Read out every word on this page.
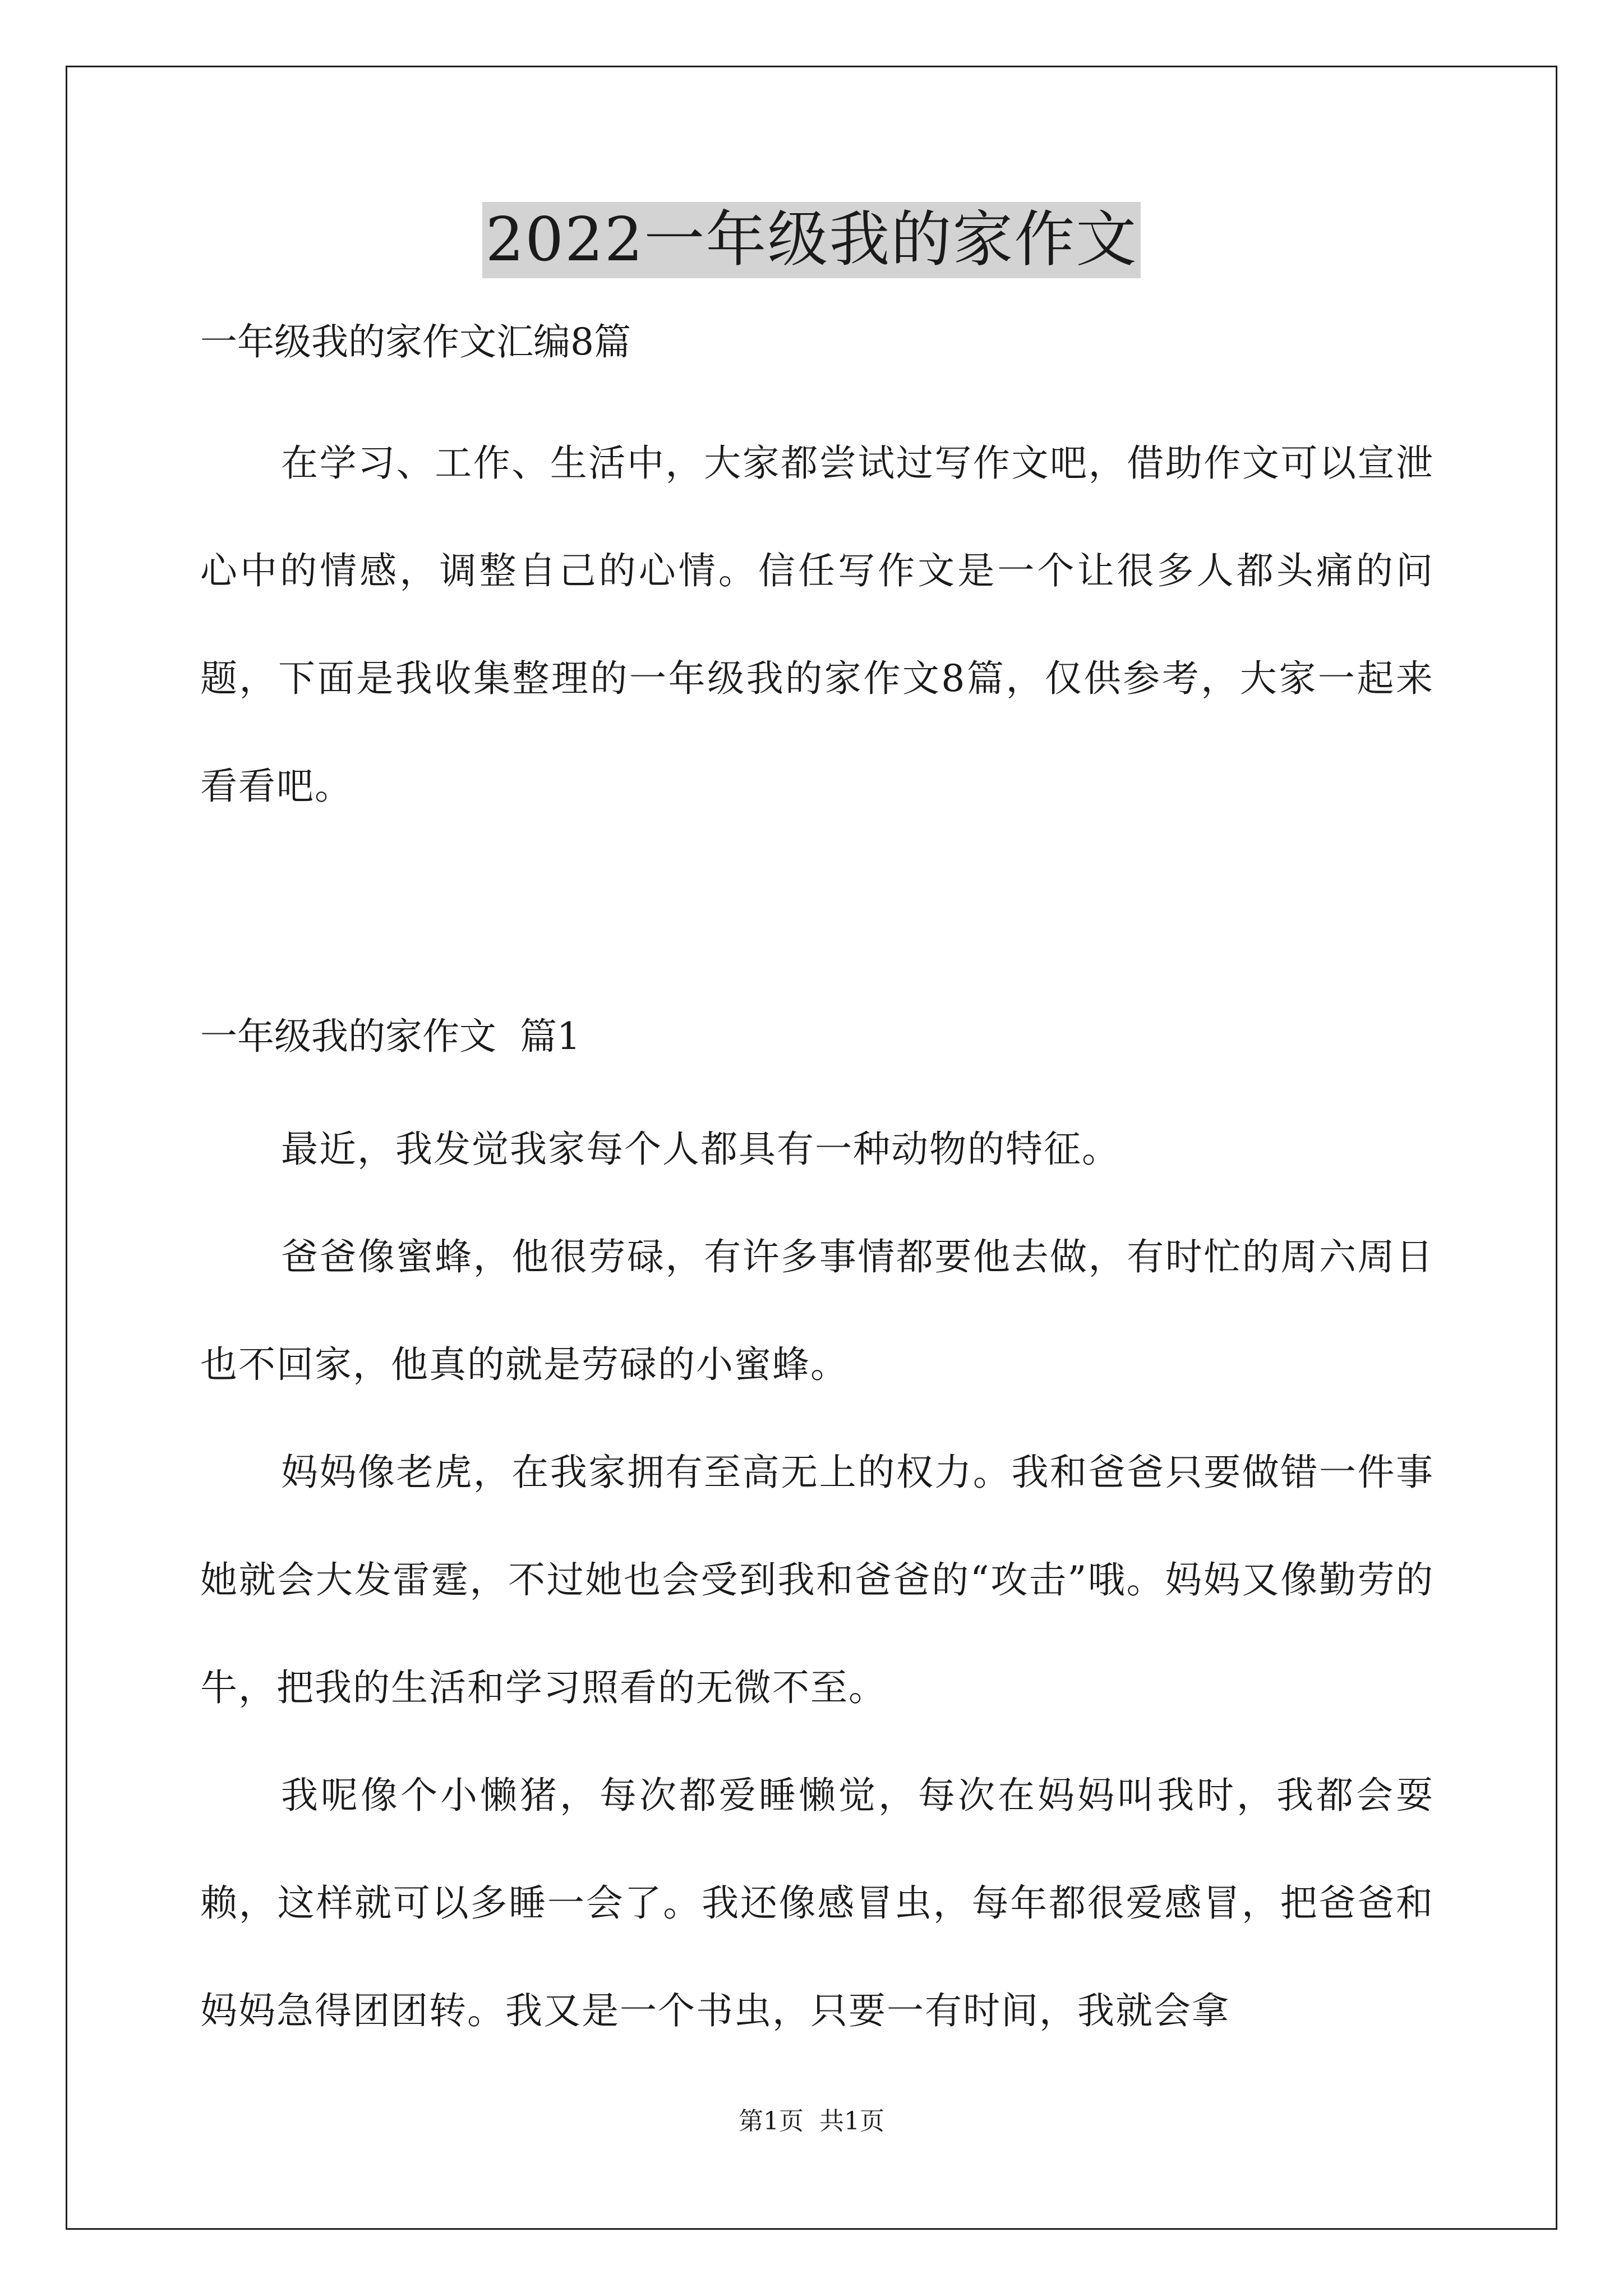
2022一年级我的家作文

一年级我的家作文汇编8篇

在学习、工作、生活中，大家都尝试过写作文吧，借助作文可以宣泄心中的情感，调整自己的心情。信任写作文是一个让很多人都头痛的问题，下面是我收集整理的一年级我的家作文8篇，仅供参考，大家一起来看看吧。

一年级我的家作文  篇1

最近，我发觉我家每个人都具有一种动物的特征。

爸爸像蜜蜂，他很劳碌，有许多事情都要他去做，有时忙的周六周日也不回家，他真的就是劳碌的小蜜蜂。

妈妈像老虎，在我家拥有至高无上的权力。我和爸爸只要做错一件事她就会大发雷霆，不过她也会受到我和爸爸的“攻击”哦。妈妈又像勤劳的牛，把我的生活和学习照看的无微不至。

我呢像个小懒猪，每次都爱睡懒觉，每次在妈妈叫我时，我都会耍赖，这样就可以多睡一会了。我还像感冒虫，每年都很爱感冒，把爸爸和妈妈急得团团转。我又是一个书虫，只要一有时间，我就会拿

第1页  共1页
